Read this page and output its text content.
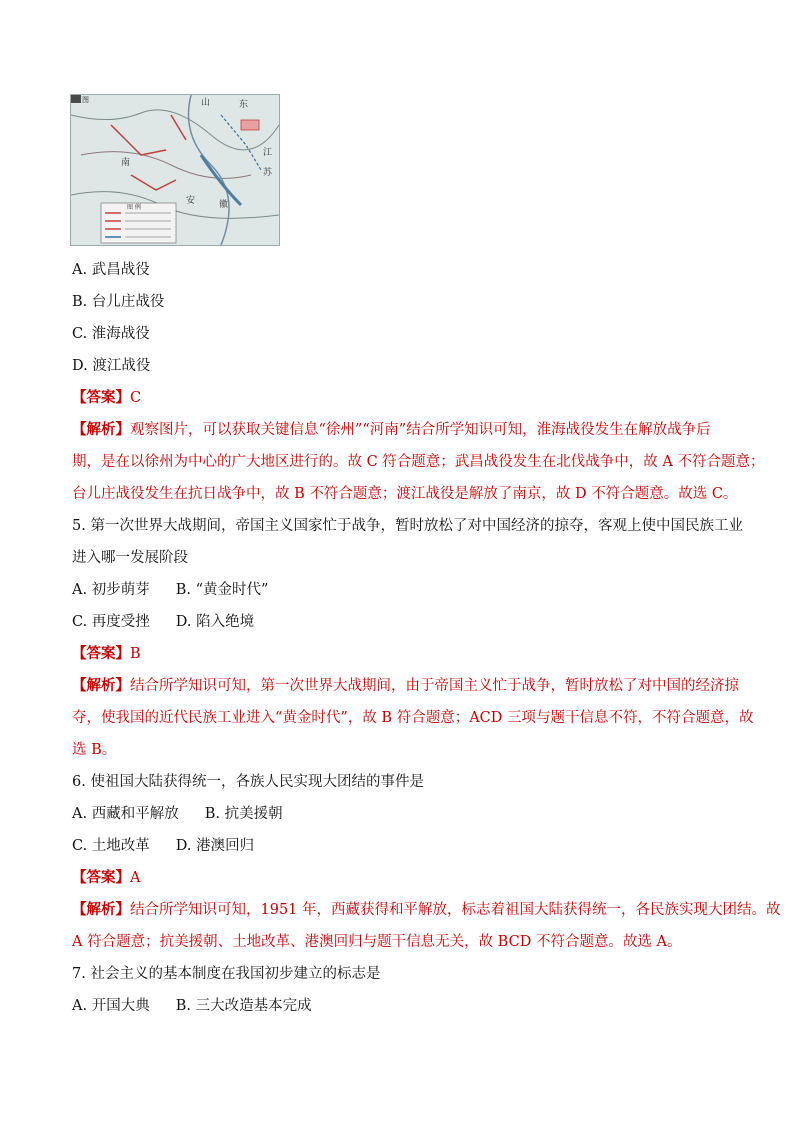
图	山	东
江
苏
南
安	徽
图 例
A. 武昌战役
B. 台儿庄战役
C. 淮海战役
D. 渡江战役
【答案】C
【解析】观察图片，可以获取关键信息“徐州”“河南”结合所学知识可知，淮海战役发生在解放战争后
期，是在以徐州为中心的广大地区进行的。故 C 符合题意；武昌战役发生在北伐战争中，故 A 不符合题意；
台儿庄战役发生在抗日战争中，故 B 不符合题意；渡江战役是解放了南京，故 D 不符合题意。故选 C。
5. 第一次世界大战期间，帝国主义国家忙于战争，暂时放松了对中国经济的掠夺，客观上使中国民族工业
进入哪一发展阶段
A. 初步萌芽 B. “黄金时代”
C. 再度受挫 D. 陷入绝境
【答案】B
【解析】结合所学知识可知，第一次世界大战期间，由于帝国主义忙于战争，暂时放松了对中国的经济掠
夺，使我国的近代民族工业进入“黄金时代”，故 B 符合题意；ACD 三项与题干信息不符，不符合题意，故
选 B。
6. 使祖国大陆获得统一，各族人民实现大团结的事件是
A. 西藏和平解放 B. 抗美援朝
C. 土地改革 D. 港澳回归
【答案】A
【解析】结合所学知识可知，1951 年，西藏获得和平解放，标志着祖国大陆获得统一，各民族实现大团结。故
A 符合题意；抗美援朝、土地改革、港澳回归与题干信息无关，故 BCD 不符合题意。故选 A。
7. 社会主义的基本制度在我国初步建立的标志是
A. 开国大典 B. 三大改造基本完成
